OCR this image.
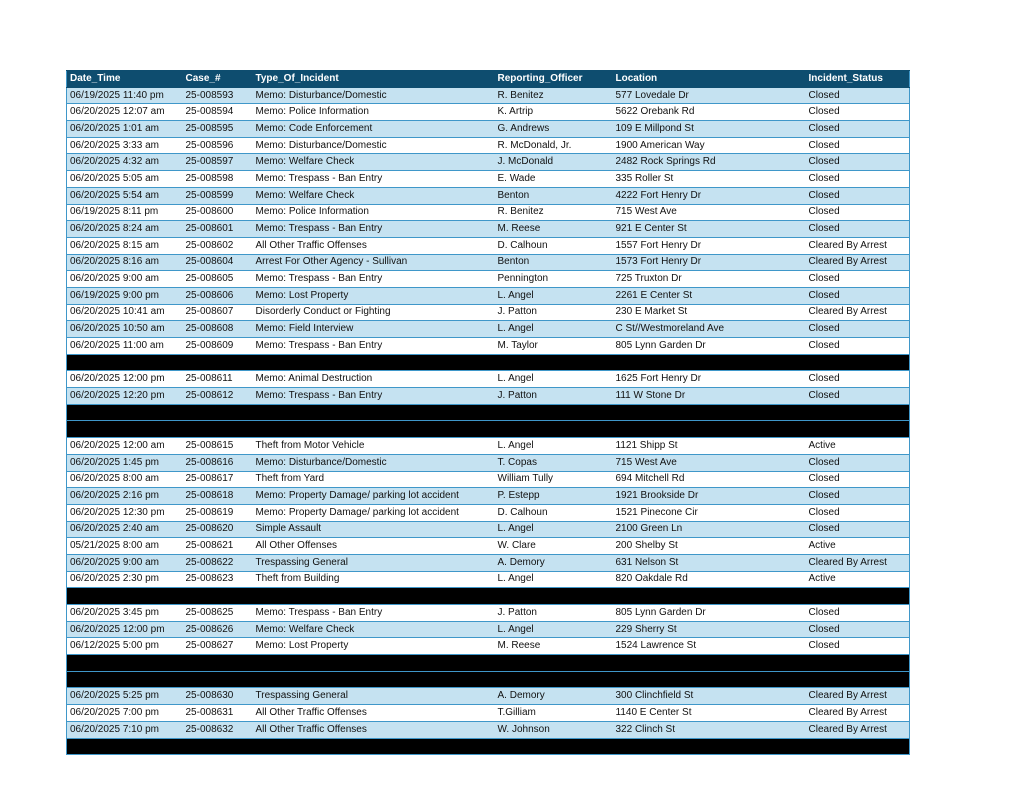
Date_Time	Case_#	Type_Of_Incident	Reporting_Officer	Location	Incident_Status
06/19/2025 11:40 pm	25-008593	Memo: Disturbance/Domestic	R. Benitez	577 Lovedale Dr	Closed
06/20/2025 12:07 am	25-008594	Memo: Police Information	K. Artrip	5622 Orebank Rd	Closed
06/20/2025 1:01 am	25-008595	Memo: Code Enforcement	G. Andrews	109 E Millpond St	Closed
06/20/2025 3:33 am	25-008596	Memo: Disturbance/Domestic	R. McDonald, Jr.	1900 American Way	Closed
06/20/2025 4:32 am	25-008597	Memo: Welfare Check	J. McDonald	2482 Rock Springs Rd	Closed
06/20/2025 5:05 am	25-008598	Memo: Trespass - Ban Entry	E. Wade	335 Roller St	Closed
06/20/2025 5:54 am	25-008599	Memo: Welfare Check	Benton	4222 Fort Henry Dr	Closed
06/19/2025 8:11 pm	25-008600	Memo: Police Information	R. Benitez	715 West Ave	Closed
06/20/2025 8:24 am	25-008601	Memo: Trespass - Ban Entry	M. Reese	921 E Center St	Closed
06/20/2025 8:15 am	25-008602	All Other Traffic Offenses	D. Calhoun	1557 Fort Henry Dr	Cleared By Arrest
06/20/2025 8:16 am	25-008604	Arrest For Other Agency - Sullivan	Benton	1573 Fort Henry Dr	Cleared By Arrest
06/20/2025 9:00 am	25-008605	Memo: Trespass - Ban Entry	Pennington	725 Truxton Dr	Closed
06/19/2025 9:00 pm	25-008606	Memo: Lost Property	L. Angel	2261 E Center St	Closed
06/20/2025 10:41 am	25-008607	Disorderly Conduct or Fighting	J. Patton	230 E Market St	Cleared By Arrest
06/20/2025 10:50 am	25-008608	Memo: Field Interview	L. Angel	C St//Westmoreland Ave	Closed
06/20/2025 11:00 am	25-008609	Memo: Trespass - Ban Entry	M. Taylor	805 Lynn Garden Dr	Closed

06/20/2025 12:00 pm	25-008611	Memo: Animal Destruction	L. Angel	1625 Fort Henry Dr	Closed
06/20/2025 12:20 pm	25-008612	Memo: Trespass - Ban Entry	J. Patton	111 W Stone Dr	Closed

06/20/2025 12:00 am	25-008615	Theft from Motor Vehicle	L. Angel	1121 Shipp St	Active
06/20/2025 1:45 pm	25-008616	Memo: Disturbance/Domestic	T. Copas	715 West Ave	Closed
06/20/2025 8:00 am	25-008617	Theft from Yard	William Tully	694 Mitchell Rd	Closed
06/20/2025 2:16 pm	25-008618	Memo: Property Damage/ parking lot accident	P. Estepp	1921 Brookside Dr	Closed
06/20/2025 12:30 pm	25-008619	Memo: Property Damage/ parking lot accident	D. Calhoun	1521 Pinecone Cir	Closed
06/20/2025 2:40 am	25-008620	Simple Assault	L. Angel	2100 Green Ln	Closed
05/21/2025 8:00 am	25-008621	All Other Offenses	W. Clare	200 Shelby St	Active
06/20/2025 9:00 am	25-008622	Trespassing General	A. Demory	631 Nelson St	Cleared By Arrest
06/20/2025 2:30 pm	25-008623	Theft from Building	L. Angel	820 Oakdale Rd	Active

06/20/2025 3:45 pm	25-008625	Memo: Trespass - Ban Entry	J. Patton	805 Lynn Garden Dr	Closed
06/20/2025 12:00 pm	25-008626	Memo: Welfare Check	L. Angel	229 Sherry St	Closed
06/12/2025 5:00 pm	25-008627	Memo: Lost Property	M. Reese	1524 Lawrence St	Closed

06/20/2025 5:25 pm	25-008630	Trespassing General	A. Demory	300 Clinchfield St	Cleared By Arrest
06/20/2025 7:00 pm	25-008631	All Other Traffic Offenses	T.Gilliam	1140 E Center St	Cleared By Arrest
06/20/2025 7:10 pm	25-008632	All Other Traffic Offenses	W. Johnson	322 Clinch St	Cleared By Arrest
